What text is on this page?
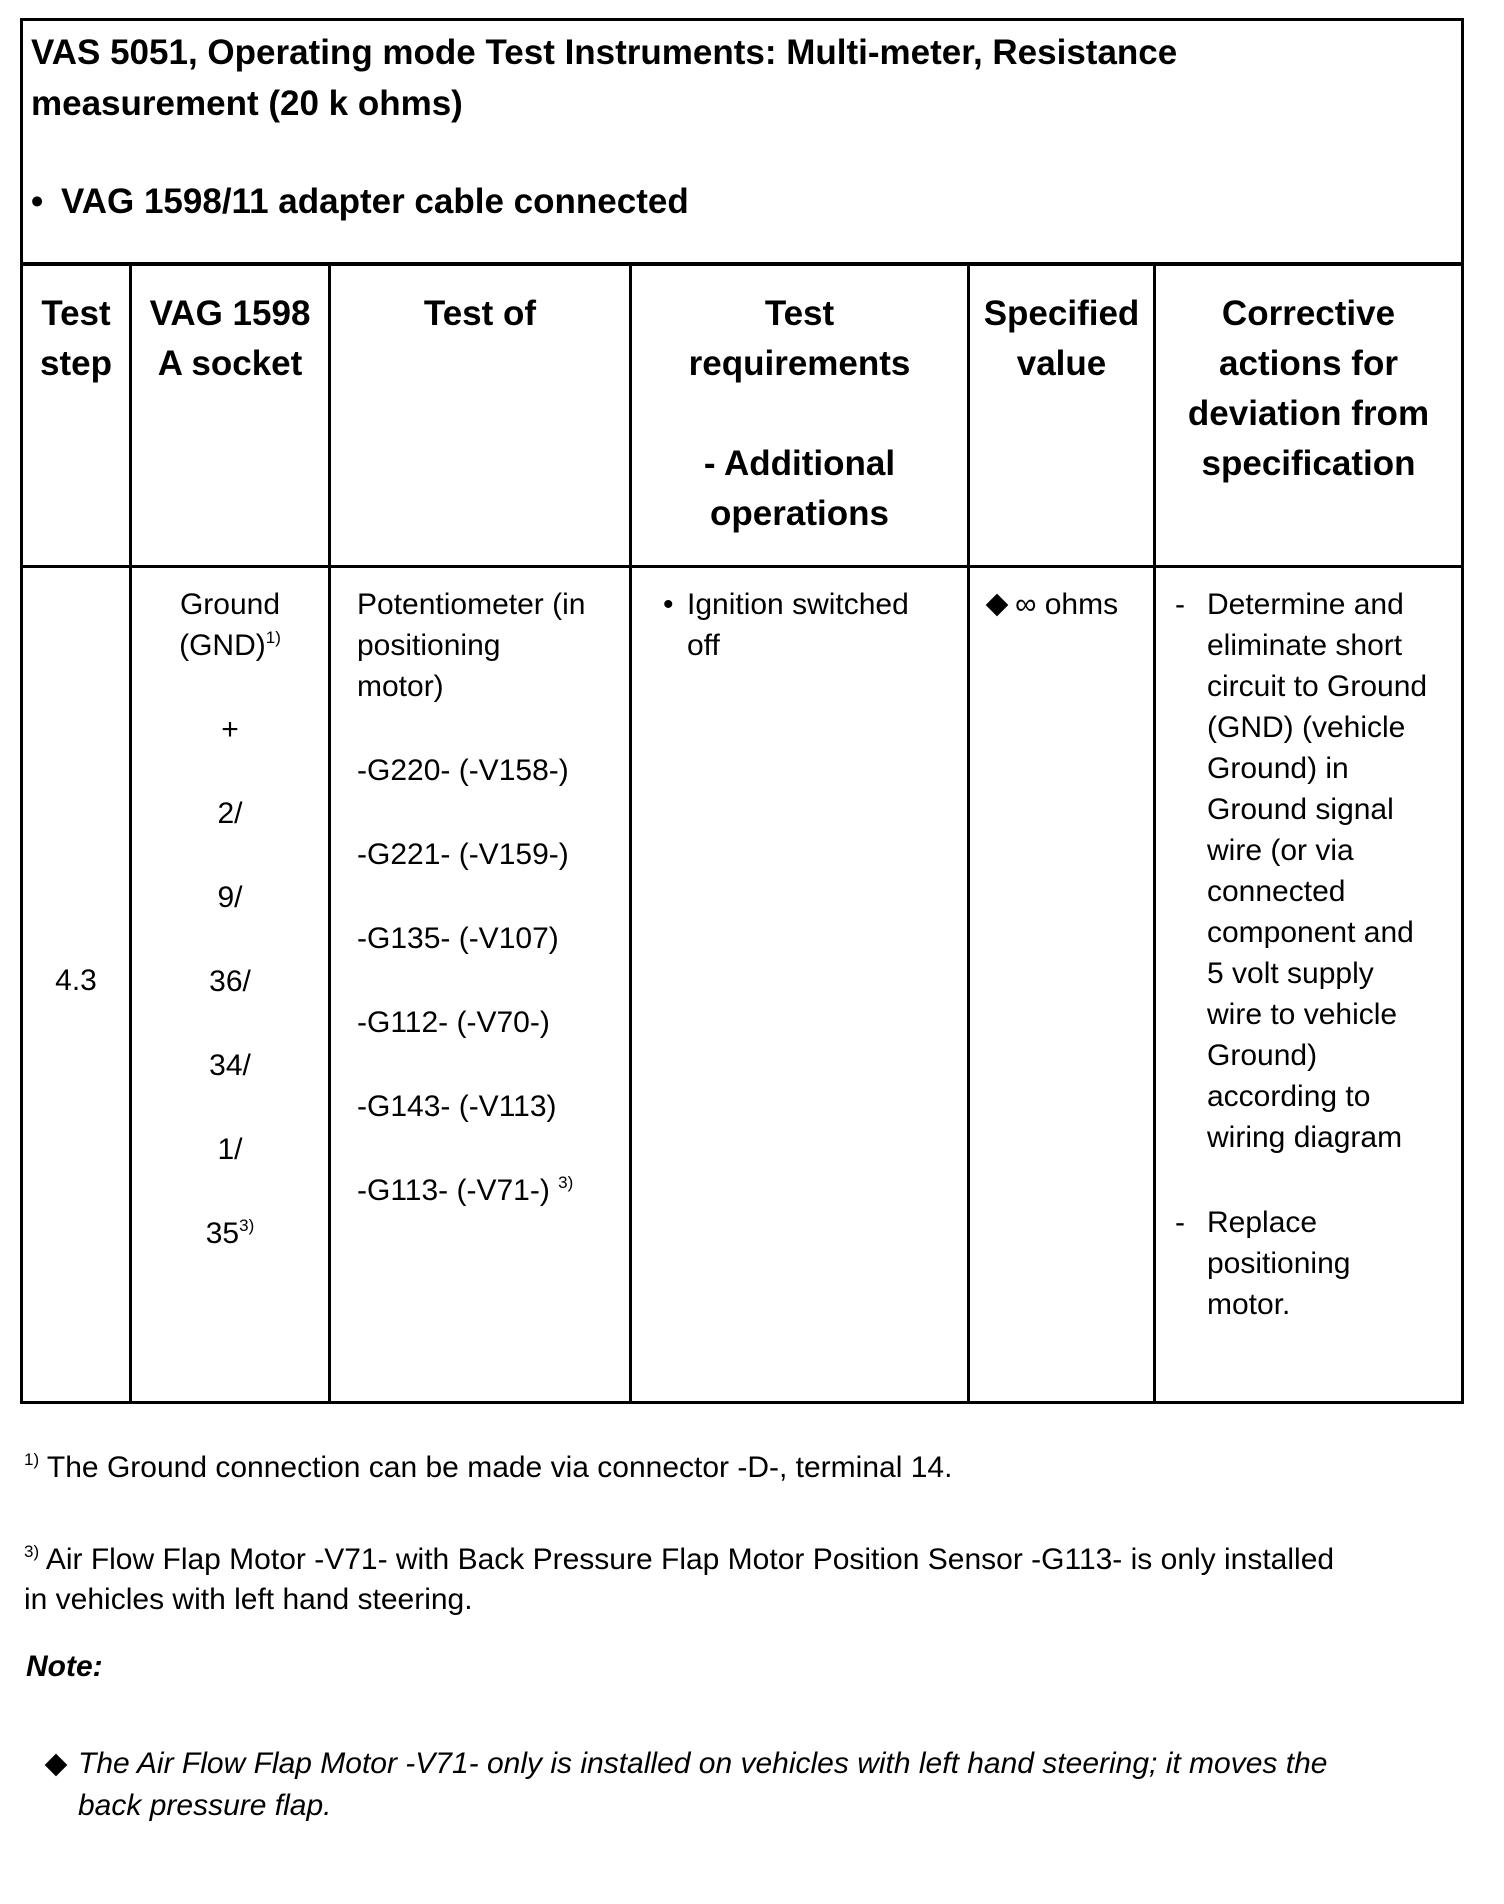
VAS 5051, Operating mode Test Instruments: Multi-meter, Resistance measurement (20 k ohms)

• VAG 1598/11 adapter cable connected
Test
step
VAG 1598
A socket
Test of	Test
requirements
- Additional
operations
Specified
value
Corrective
actions for
deviation from
specification
4.3
Ground
(GND)$^{1)}$
+
2/
9/
36/
34/
1/
35$^{3)}$
Potentiometer (in
positioning
motor)
-G220- (-V158-)
-G221- (-V159-)
-G135- (-V107)
-G112- (-V70-)
-G143- (-V113)
-G113- (-V71-) $^{3)}$
• Ignition switched
off
∞ ohms	- Determine and
eliminate short
circuit to Ground
(GND) (vehicle
Ground) in
Ground signal
wire (or via
connected
component and
5 volt supply
wire to vehicle
Ground)
according to
wiring diagram
- Replace
positioning
motor.
$^{1)}$ The Ground connection can be made via connector -D-, terminal 14.
$^{3)}$ Air Flow Flap Motor -V71- with Back Pressure Flap Motor Position Sensor -G113- is only installed
in vehicles with left hand steering.
Note:
The Air Flow Flap Motor -V71- only is installed on vehicles with left hand steering; it moves the
back pressure flap.
